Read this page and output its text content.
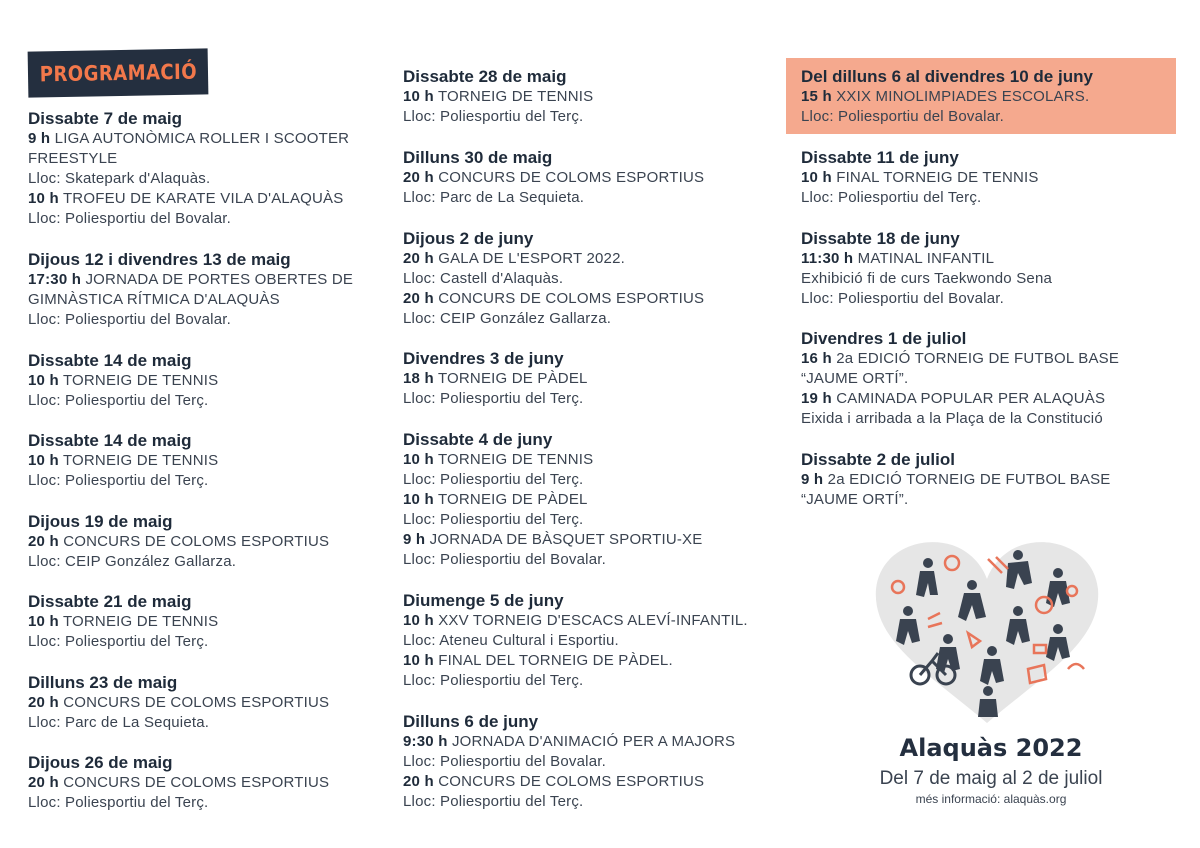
PROGRAMACIÓ
Dissabte 7 de maig
9 h LIGA AUTONÒMICA ROLLER I SCOOTER
FREESTYLE
Lloc: Skatepark d'Alaquàs.
10 h TROFEU DE KARATE VILA D'ALAQUÀS
Lloc: Poliesportiu del Bovalar.
Dijous 12 i divendres 13 de maig
17:30 h JORNADA DE PORTES OBERTES DE
GIMNÀSTICA RÍTMICA D'ALAQUÀS
Lloc: Poliesportiu del Bovalar.
Dissabte 14 de maig
10 h TORNEIG DE TENNIS
Lloc: Poliesportiu del Terç.
Dissabte 14 de maig
10 h TORNEIG DE TENNIS
Lloc: Poliesportiu del Terç.
Dijous 19 de maig
20 h CONCURS DE COLOMS ESPORTIUS
Lloc: CEIP González Gallarza.
Dissabte 21 de maig
10 h TORNEIG DE TENNIS
Lloc: Poliesportiu del Terç.
Dilluns 23 de maig
20 h CONCURS DE COLOMS ESPORTIUS
Lloc: Parc de La Sequieta.
Dijous 26 de maig
20 h CONCURS DE COLOMS ESPORTIUS
Lloc: Poliesportiu del Terç.
Dissabte 28 de maig
10 h TORNEIG DE TENNIS
Lloc: Poliesportiu del Terç.
Dilluns 30 de maig
20 h CONCURS DE COLOMS ESPORTIUS
Lloc: Parc de La Sequieta.
Dijous 2 de juny
20 h GALA DE L'ESPORT 2022.
Lloc: Castell d'Alaquàs.
20 h CONCURS DE COLOMS ESPORTIUS
Lloc: CEIP González Gallarza.
Divendres 3 de juny
18 h TORNEIG DE PÀDEL
Lloc: Poliesportiu del Terç.
Dissabte 4 de juny
10 h TORNEIG DE TENNIS
Lloc: Poliesportiu del Terç.
10 h TORNEIG DE PÀDEL
Lloc: Poliesportiu del Terç.
9 h JORNADA DE BÀSQUET SPORTIU-XE
Lloc: Poliesportiu del Bovalar.
Diumenge 5 de juny
10 h XXV TORNEIG D'ESCACS ALEVÍ-INFANTIL.
Lloc: Ateneu Cultural i Esportiu.
10 h FINAL DEL TORNEIG DE PÀDEL.
Lloc: Poliesportiu del Terç.
Dilluns 6 de juny
9:30 h JORNADA D'ANIMACIÓ PER A MAJORS
Lloc: Poliesportiu del Bovalar.
20 h CONCURS DE COLOMS ESPORTIUS
Lloc: Poliesportiu del Terç.
Del dilluns 6 al divendres 10 de juny
15 h XXIX MINOLIMPIADES ESCOLARS.
Lloc: Poliesportiu del Bovalar.
Dissabte 11 de juny
10 h FINAL TORNEIG DE TENNIS
Lloc: Poliesportiu del Terç.
Dissabte 18 de juny
11:30 h MATINAL INFANTIL
Exhibició fi de curs Taekwondo Sena
Lloc: Poliesportiu del Bovalar.
Divendres 1 de juliol
16 h 2a EDICIÓ TORNEIG DE FUTBOL BASE
“JAUME ORTÍ”.
19 h CAMINADA POPULAR PER ALAQUÀS
Eixida i arribada a la Plaça de la Constitució
Dissabte 2 de juliol
9 h 2a EDICIÓ TORNEIG DE FUTBOL BASE
“JAUME ORTÍ”.
Alaquàs 2022
Del 7 de maig al 2 de juliol
més informació: alaquàs.org
